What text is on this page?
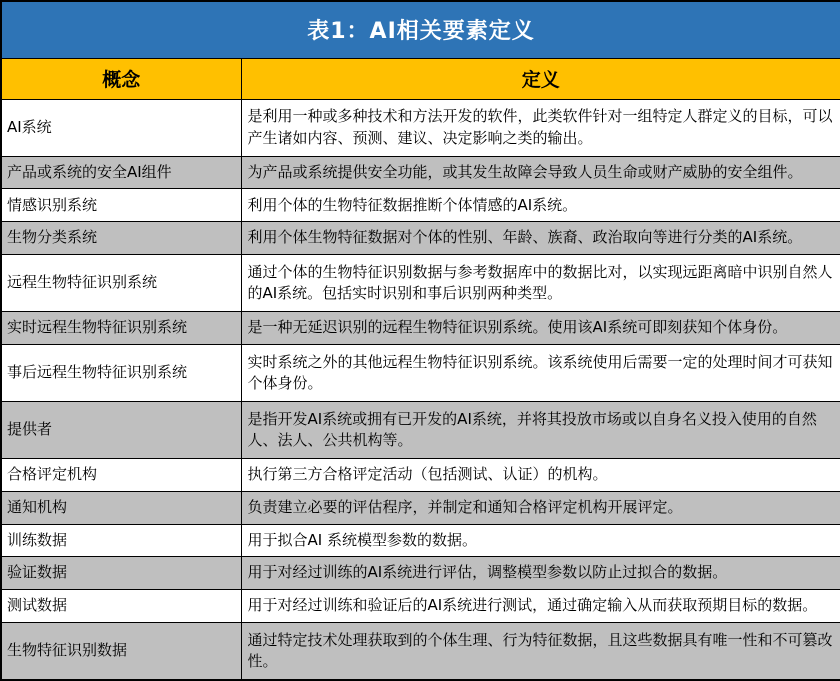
表1：AI相关要素定义	
概念	定义
AI系统	是利用一种或多种技术和方法开发的软件，此类软件针对一组特定人群定义的目标，可以产生诸如内容、预测、建议、决定影响之类的输出。
产品或系统的安全AI组件	为产品或系统提供安全功能，或其发生故障会导致人员生命或财产威胁的安全组件。
情感识别系统	利用个体的生物特征数据推断个体情感的AI系统。
生物分类系统	利用个体生物特征数据对个体的性别、年龄、族裔、政治取向等进行分类的AI系统。
远程生物特征识别系统	通过个体的生物特征识别数据与参考数据库中的数据比对，以实现远距离暗中识别自然人的AI系统。包括实时识别和事后识别两种类型。
实时远程生物特征识别系统	是一种无延迟识别的远程生物特征识别系统。使用该AI系统可即刻获知个体身份。
事后远程生物特征识别系统	实时系统之外的其他远程生物特征识别系统。该系统使用后需要一定的处理时间才可获知个体身份。
提供者	是指开发AI系统或拥有已开发的AI系统，并将其投放市场或以自身名义投入使用的自然人、法人、公共机构等。
合格评定机构	执行第三方合格评定活动（包括测试、认证）的机构。
通知机构	负责建立必要的评估程序，并制定和通知合格评定机构开展评定。
训练数据	用于拟合AI 系统模型参数的数据。
验证数据	用于对经过训练的AI系统进行评估，调整模型参数以防止过拟合的数据。
测试数据	用于对经过训练和验证后的AI系统进行测试，通过确定输入从而获取预期目标的数据。
生物特征识别数据	通过特定技术处理获取到的个体生理、行为特征数据，且这些数据具有唯一性和不可篡改性。
